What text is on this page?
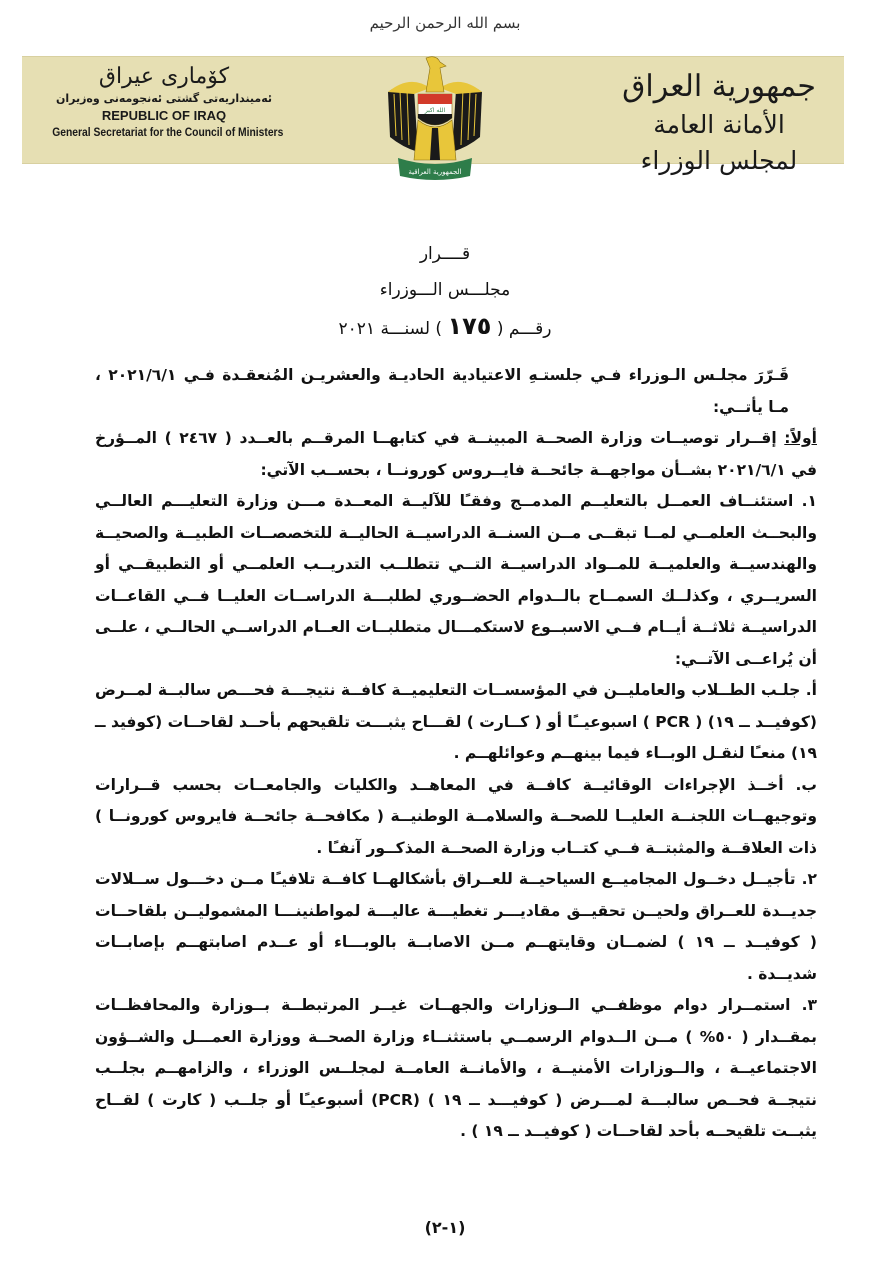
بسم الله الرحمن الرحيم
كۆماری عیراق
ئەمینداریەتی گشتی ئەنجومەنی وەزیران
REPUBLIC OF IRAQ
General Secretariat for the Council of Ministers
جمهورية العراق
الأمانة العامة لمجلس الوزراء
الله اكبر
الجمهورية العراقية
قــــرار
مجلـــس الـــوزراء
رقـــم ( ١٧٥ ) لسنـــة ٢٠٢١

قَـرّرَ مجلـس الـوزراء فـي جلستـهِ الاعتيادية الحاديـة والعشريـن المُنعقـدة فـي ٢٠٢١/٦/١ ، مـا يأتــي:

أولاً: إقــرار توصيــات وزارة الصحــة المبينــة في كتابهــا المرقــم بالعــدد ( ٢٤٦٧ ) المــؤرخ في ٢٠٢١/٦/١ بشــأن مواجهــة جائحــة فايــروس كورونــا ، بحســب الآتي:

١. استئنــاف العمــل بالتعليــم المدمــج وفقـًا للآليــة المعــدة مـــن وزارة التعليـــم العالــي والبحــث العلمــي لمــا تبقــى مــن السنــة الدراسيــة الحاليــة للتخصصــات الطبيــة والصحيــة والهندسيــة والعلميــة للمــواد الدراسيــة التــي تتطلــب التدريــب العلمــي أو التطبيقــي أو السريــري ، وكذلــك السمــاح بالــدوام الحضــوري لطلبـــة الدراســات العليــا فــي القاعــات الدراسيــة ثلاثــة أيــام فــي الاسبــوع لاستكمـــال متطلبــات العــام الدراســي الحالــي ، علــى أن يُراعــى الآتــي:

أ. جلـب الطــلاب والعامليــن في المؤسســات التعليميــة كافــة نتيجـــة فحـــص سالبــة لمــرض (كوفيــد ــ ١٩) ( PCR ) اسبوعيــًا أو ( كــارت ) لقـــاح يثبـــت تلقيحهم بأحــد لقاحــات (كوفيد ــ ١٩) منعـًا لنقـل الوبــاء فيما بينهــم وعوائلهــم .

ب. أخــذ الإجراءات الوقائيــة كافــة في المعاهــد والكليات والجامعــات بحسب قــرارات وتوجيهــات اللجنــة العليــا للصحــة والسلامــة الوطنيــة ( مكافحــة جائحــة فايروس كورونــا ) ذات العلاقــة والمثبتــة فــي كتــاب وزارة الصحــة المذكــور آنفـًا .

٢. تأجيــل دخــول المجاميــع السياحيــة للعــراق بأشكالهــا كافــة تلافيـًا مــن دخـــول ســلالات جديــدة للعــراق ولحيــن تحقيــق مقاديـــر تغطيـــة عاليـــة لمواطنينـــا المشموليــن بلقاحــات ( كوفيــد ــ ١٩ ) لضمــان وقايتهــم مــن الاصابــة بالوبـــاء أو عــدم اصابتهــم بإصابــات شديــدة .

٣. استمــرار دوام موظفــي الــوزارات والجهــات غيــر المرتبطــة بــوزارة والمحافظــات بمقــدار ( ٥٠% ) مــن الــدوام الرسمــي باستثنــاء وزارة الصحــة ووزارة العمـــل والشــؤون الاجتماعيــة ، والــوزارات الأمنيــة ، والأمانــة العامــة لمجلــس الوزراء ، والزامهــم بجلــب نتيجــة فحــص سالبـــة لمـــرض ( كوفيـــد ــ ١٩ ) (PCR) أسبوعيـًا أو جلــب ( كارت ) لقــاح يثبــت تلقيحــه بأحد لقاحــات ( كوفيــد ــ ١٩ ) .

(١-٢)
